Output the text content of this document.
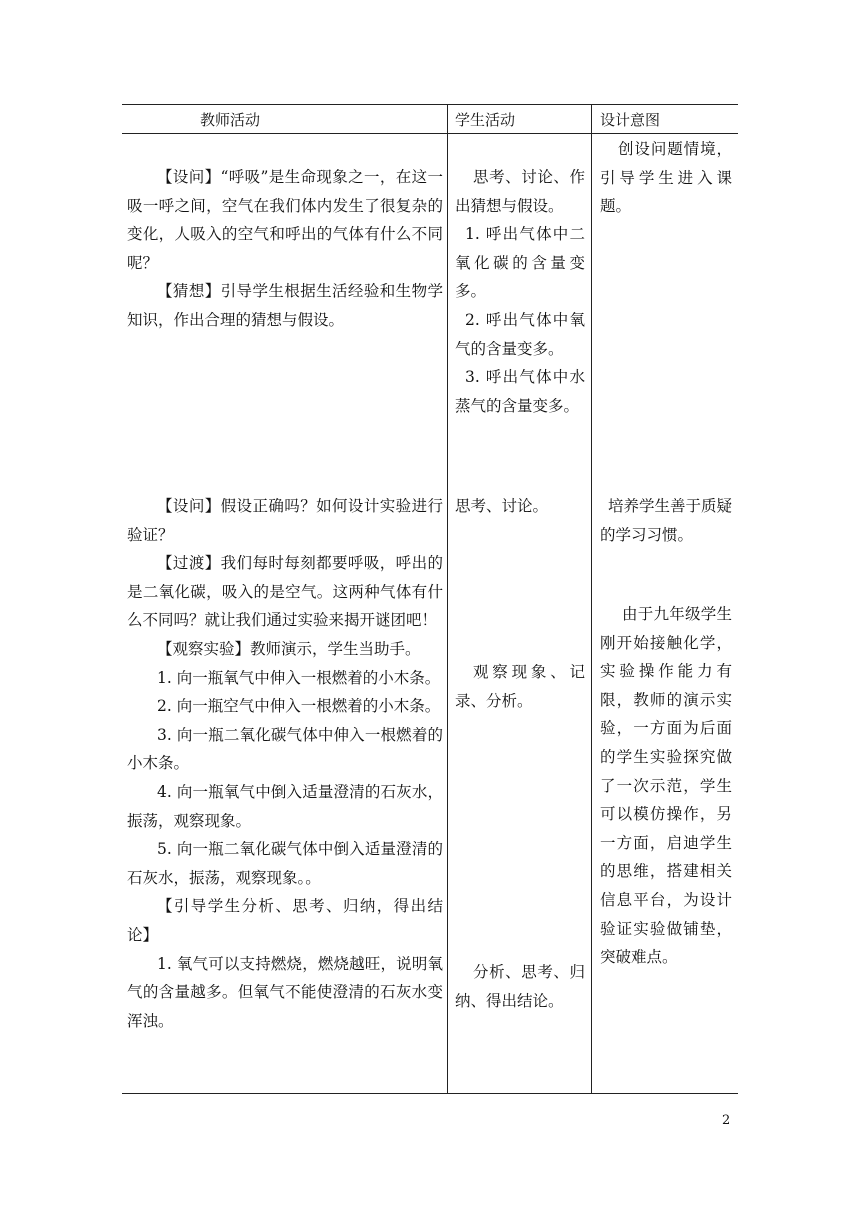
教师活动	学生活动	设计意图

【设问】“呼吸”是生命现象之一，在这一吸一呼之间，空气在我们体内发生了很复杂的变化，人吸入的空气和呼出的气体有什么不同呢？

【猜想】引导学生根据生活经验和生物学知识，作出合理的猜想与假设。

【设问】假设正确吗？如何设计实验进行验证？

【过渡】我们每时每刻都要呼吸，呼出的是二氧化碳，吸入的是空气。这两种气体有什么不同吗？就让我们通过实验来揭开谜团吧！

【观察实验】教师演示，学生当助手。

1. 向一瓶氧气中伸入一根燃着的小木条。

2. 向一瓶空气中伸入一根燃着的小木条。

3. 向一瓶二氧化碳气体中伸入一根燃着的小木条。

4. 向一瓶氧气中倒入适量澄清的石灰水，振荡，观察现象。

5. 向一瓶二氧化碳气体中倒入适量澄清的石灰水，振荡，观察现象。。

【引导学生分析、思考、归纳，得出结论】

1. 氧气可以支持燃烧，燃烧越旺，说明氧气的含量越多。但氧气不能使澄清的石灰水变浑浊。

思考、讨论、作出猜想与假设。

1. 呼出气体中二氧化碳的含量变多。

2. 呼出气体中氧气的含量变多。

3. 呼出气体中水蒸气的含量变多。

思考、讨论。
观察现象、记录、分析。
分析、思考、归纳、得出结论。
创设问题情境，引导学生进入课题。
培养学生善于质疑的学习习惯。
由于九年级学生刚开始接触化学，实验操作能力有限，教师的演示实验，一方面为后面的学生实验探究做了一次示范，学生可以模仿操作，另一方面，启迪学生的思维，搭建相关信息平台，为设计验证实验做铺垫，突破难点。
2
